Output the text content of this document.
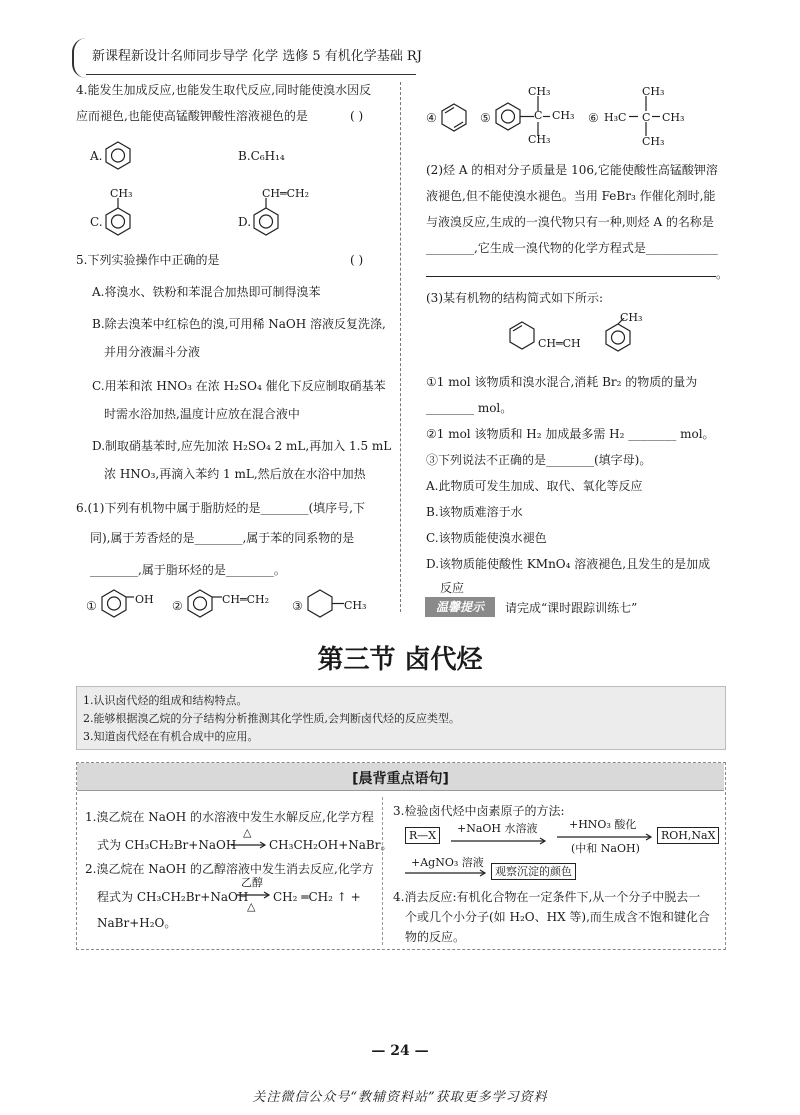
新课程新设计名师同步导学 化学 选修 5 有机化学基础 RJ
4.能发生加成反应,也能发生取代反应,同时能使溴水因反
应而褪色,也能使高锰酸钾酸性溶液褪色的是	( )
A.	B.C₆H₁₄
CH₃
C.
CH═CH₂
D.
5.下列实验操作中正确的是	( )
A.将溴水、铁粉和苯混合加热即可制得溴苯
B.除去溴苯中红棕色的溴,可用稀 NaOH 溶液反复洗涤,
并用分液漏斗分液
C.用苯和浓 HNO₃ 在浓 H₂SO₄ 催化下反应制取硝基苯
时需水浴加热,温度计应放在混合液中
D.制取硝基苯时,应先加浓 H₂SO₄ 2 mL,再加入 1.5 mL
浓 HNO₃,再滴入苯约 1 mL,然后放在水浴中加热
6.(1)下列有机物中属于脂肪烃的是________(填序号,下
同),属于芳香烃的是________,属于苯的同系物的是
________,属于脂环烃的是________。
①	OH ②	CH═CH₂ ③	CH₃
④	⑤
CH₃
C CH₃
CH₃
⑥ H₃C
CH₃
C CH₃
CH₃
(2)烃 A 的相对分子质量是 106,它能使酸性高锰酸钾溶
液褪色,但不能使溴水褪色。当用 FeBr₃ 作催化剂时,能
与液溴反应,生成的一溴代物只有一种,则烃 A 的名称是
________,它生成一溴代物的化学方程式是____________
。
(3)某有机物的结构简式如下所示:
CH═CH
CH₃
①1 mol 该物质和溴水混合,消耗 Br₂ 的物质的量为
________ mol。
②1 mol 该物质和 H₂ 加成最多需 H₂ ________ mol。
③下列说法不正确的是________(填字母)。
A.此物质可发生加成、取代、氧化等反应
B.该物质难溶于水
C.该物质能使溴水褪色
D.该物质能使酸性 KMnO₄ 溶液褪色,且发生的是加成
反应
温馨提示	请完成“课时跟踪训练七”
第三节 卤代烃
1.认识卤代烃的组成和结构特点。
2.能够根据溴乙烷的分子结构分析推测其化学性质,会判断卤代烃的反应类型。
3.知道卤代烃在有机合成中的应用。
[晨背重点语句]
1.溴乙烷在 NaOH 的水溶液中发生水解反应,化学方程
式为 CH₃CH₂Br+NaOH
△
→ CH₃CH₂OH+NaBr。
2.溴乙烷在 NaOH 的乙醇溶液中发生消去反应,化学方
程式为 CH₃CH₂Br+NaOH
乙醇
△
CH₂ ═CH₂ ↑ +
NaBr+H₂O。
3.检验卤代烃中卤素原子的方法:
R—X
+NaOH 水溶液	+HNO₃ 酸化
(中和 NaOH)
ROH,NaX
+AgNO₃ 溶液
观察沉淀的颜色
4.消去反应:有机化合物在一定条件下,从一个分子中脱去一
个或几个小分子(如 H₂O、HX 等),而生成含不饱和键化合
物的反应。
— 24 —
关注微信公众号“教辅资料站”获取更多学习资料
